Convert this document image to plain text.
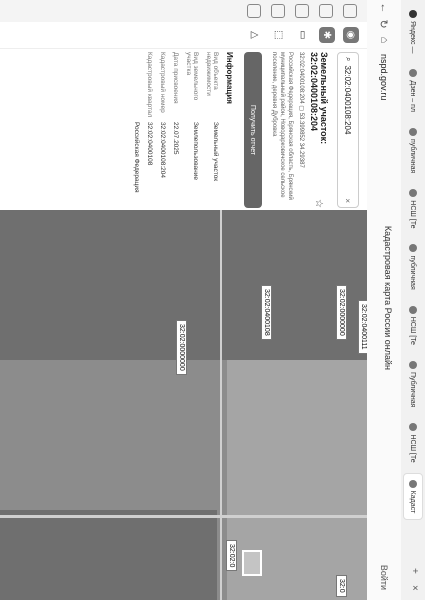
Яндекс —
Дзен – пл
публичная
НСШ [Те
публичная
НСШ [Те
Публичная
НСШ [Те
Кадаст
+
×
←
↻
⌂
nspd.gov.ru
Войти
Кадастровая карта России онлайн
◉
✱
▭
⬚
△
⌕
32:02:0400108:204
×
Земельный участок: 32:02:0400108:204
☆
32:02:0400108:204 ▢ 53.399852 34.29387
Российская Федерация, Брянская область, Брянский муниципальный район, Новодарковичское сельское поселение, деревня Дубровка
Получить отчет
Информация
Вид объекта недвижимости
Земельный участок
Вид земельного участка
Землепользование
Дата присвоения
22.07.2025
Кадастровый номер
32:02:0400108:204
Кадастровый квартал
32:02:0400108
Российская Федерация
32:02:0000000
32:02:0400108	32:02:0000000 32:02:0400111
32:02:0
32:0
